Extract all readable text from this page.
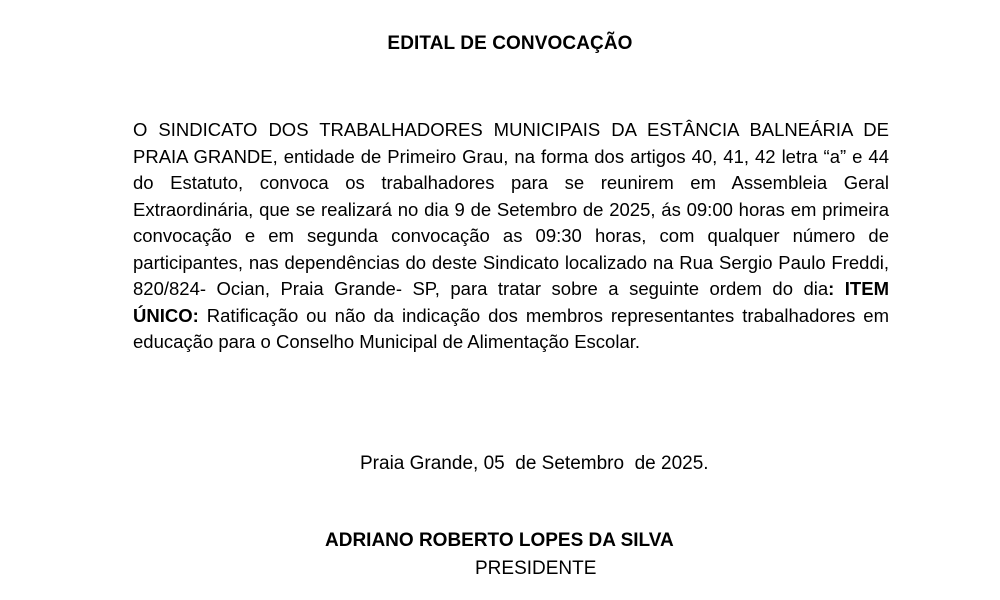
EDITAL DE CONVOCAÇÃO

O SINDICATO DOS TRABALHADORES MUNICIPAIS DA ESTÂNCIA BALNEÁRIA DE PRAIA GRANDE, entidade de Primeiro Grau, na forma dos artigos 40, 41, 42 letra “a” e 44 do Estatuto, convoca os trabalhadores para se reunirem em Assembleia Geral Extraordinária, que se realizará no dia 9 de Setembro de 2025, ás 09:00 horas em primeira convocação e em segunda convocação as 09:30 horas, com qualquer número de participantes, nas dependências do deste Sindicato localizado na Rua Sergio Paulo Freddi, 820/824- Ocian, Praia Grande- SP, para tratar sobre a seguinte ordem do dia: ITEM ÚNICO: Ratificação ou não da indicação dos membros representantes trabalhadores em educação para o Conselho Municipal de Alimentação Escolar.

Praia Grande, 05  de Setembro  de 2025.
ADRIANO ROBERTO LOPES DA SILVA
PRESIDENTE
